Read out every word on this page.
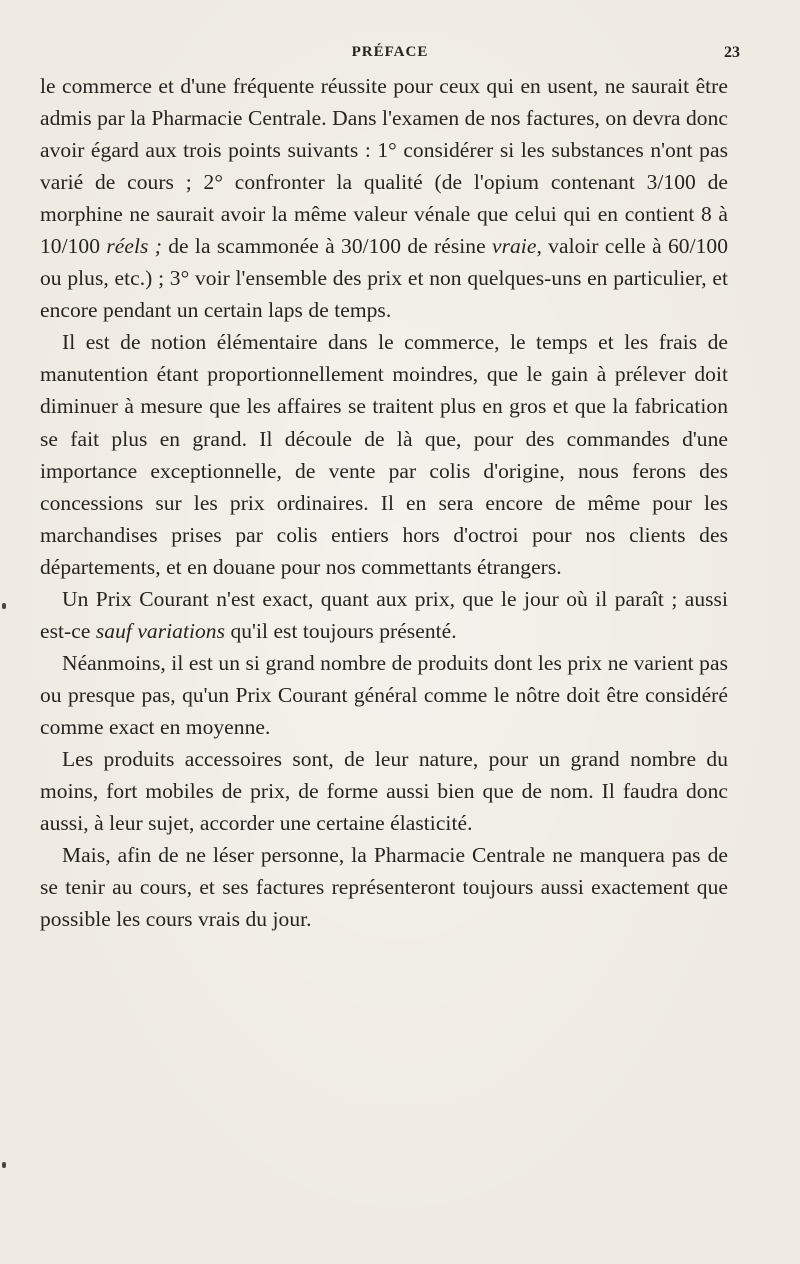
PRÉFACE	23

le commerce et d'une fréquente réussite pour ceux qui en usent, ne saurait être admis par la Pharmacie Centrale. Dans l'examen de nos factures, on devra donc avoir égard aux trois points suivants : 1° considérer si les substances n'ont pas varié de cours ; 2° confronter la qualité (de l'opium contenant 3/100 de morphine ne saurait avoir la même valeur vénale que celui qui en contient 8 à 10/100 réels ; de la scammonée à 30/100 de résine vraie, valoir celle à 60/100 ou plus, etc.) ; 3° voir l'ensemble des prix et non quelques-uns en particulier, et encore pendant un certain laps de temps.

Il est de notion élémentaire dans le commerce, le temps et les frais de manutention étant proportionnellement moindres, que le gain à prélever doit diminuer à mesure que les affaires se traitent plus en gros et que la fabrication se fait plus en grand. Il découle de là que, pour des commandes d'une importance exceptionnelle, de vente par colis d'origine, nous ferons des concessions sur les prix ordinaires. Il en sera encore de même pour les marchandises prises par colis entiers hors d'octroi pour nos clients des départements, et en douane pour nos commettants étrangers.

Un Prix Courant n'est exact, quant aux prix, que le jour où il paraît ; aussi est-ce sauf variations qu'il est toujours présenté.

Néanmoins, il est un si grand nombre de produits dont les prix ne varient pas ou presque pas, qu'un Prix Courant général comme le nôtre doit être considéré comme exact en moyenne.

Les produits accessoires sont, de leur nature, pour un grand nombre du moins, fort mobiles de prix, de forme aussi bien que de nom. Il faudra donc aussi, à leur sujet, accorder une certaine élasticité.

Mais, afin de ne léser personne, la Pharmacie Centrale ne manquera pas de se tenir au cours, et ses factures représenteront toujours aussi exactement que possible les cours vrais du jour.
